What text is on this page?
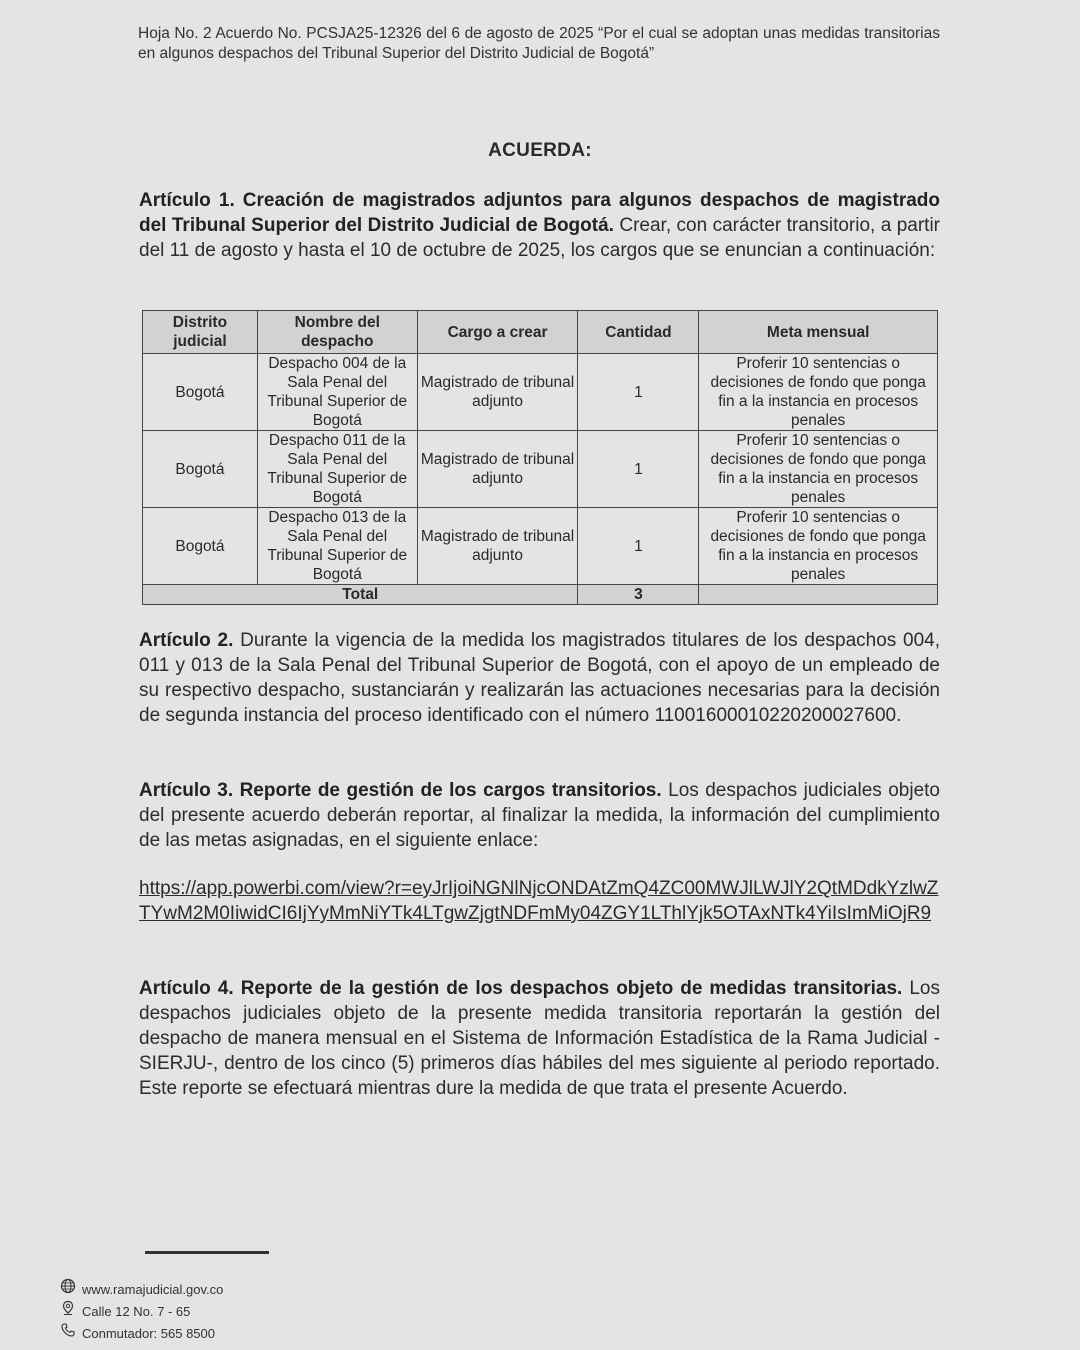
Hoja No. 2 Acuerdo No. PCSJA25-12326 del 6 de agosto de 2025 “Por el cual se adoptan unas medidas transitorias en algunos despachos del Tribunal Superior del Distrito Judicial de Bogotá”
ACUERDA:
Artículo 1. Creación de magistrados adjuntos para algunos despachos de magistrado del Tribunal Superior del Distrito Judicial de Bogotá. Crear, con carácter transitorio, a partir del 11 de agosto y hasta el 10 de octubre de 2025, los cargos que se enuncian a continuación:
Distrito judicial	Nombre del despacho	Cargo a crear	Cantidad	Meta mensual
Bogotá	Despacho 004 de la Sala Penal del Tribunal Superior de Bogotá	Magistrado de tribunal adjunto	1	Proferir 10 sentencias o decisiones de fondo que ponga fin a la instancia en procesos penales
Bogotá	Despacho 011 de la Sala Penal del Tribunal Superior de Bogotá	Magistrado de tribunal adjunto	1	Proferir 10 sentencias o decisiones de fondo que ponga fin a la instancia en procesos penales
Bogotá	Despacho 013 de la Sala Penal del Tribunal Superior de Bogotá	Magistrado de tribunal adjunto	1	Proferir 10 sentencias o decisiones de fondo que ponga fin a la instancia en procesos penales
Total			3	
Artículo 2. Durante la vigencia de la medida los magistrados titulares de los despachos 004, 011 y 013 de la Sala Penal del Tribunal Superior de Bogotá, con el apoyo de un empleado de su respectivo despacho, sustanciarán y realizarán las actuaciones necesarias para la decisión de segunda instancia del proceso identificado con el número 11001600010220200027600.
Artículo 3. Reporte de gestión de los cargos transitorios. Los despachos judiciales objeto del presente acuerdo deberán reportar, al finalizar la medida, la información del cumplimiento de las metas asignadas, en el siguiente enlace:
https://app.powerbi.com/view?r=eyJrIjoiNGNlNjcONDAtZmQ4ZC00MWJlLWJlY2QtMDdkYzlwZTYwM2M0IiwidCI6IjYyMmNiYTk4LTgwZjgtNDFmMy04ZGY1LThlYjk5OTAxNTk4YiIsImMiOjR9
Artículo 4. Reporte de la gestión de los despachos objeto de medidas transitorias. Los despachos judiciales objeto de la presente medida transitoria reportarán la gestión del despacho de manera mensual en el Sistema de Información Estadística de la Rama Judicial -SIERJU-, dentro de los cinco (5) primeros días hábiles del mes siguiente al periodo reportado. Este reporte se efectuará mientras dure la medida de que trata el presente Acuerdo.
www.ramajudicial.gov.co
Calle 12 No. 7 - 65
Conmutador: 565 8500
